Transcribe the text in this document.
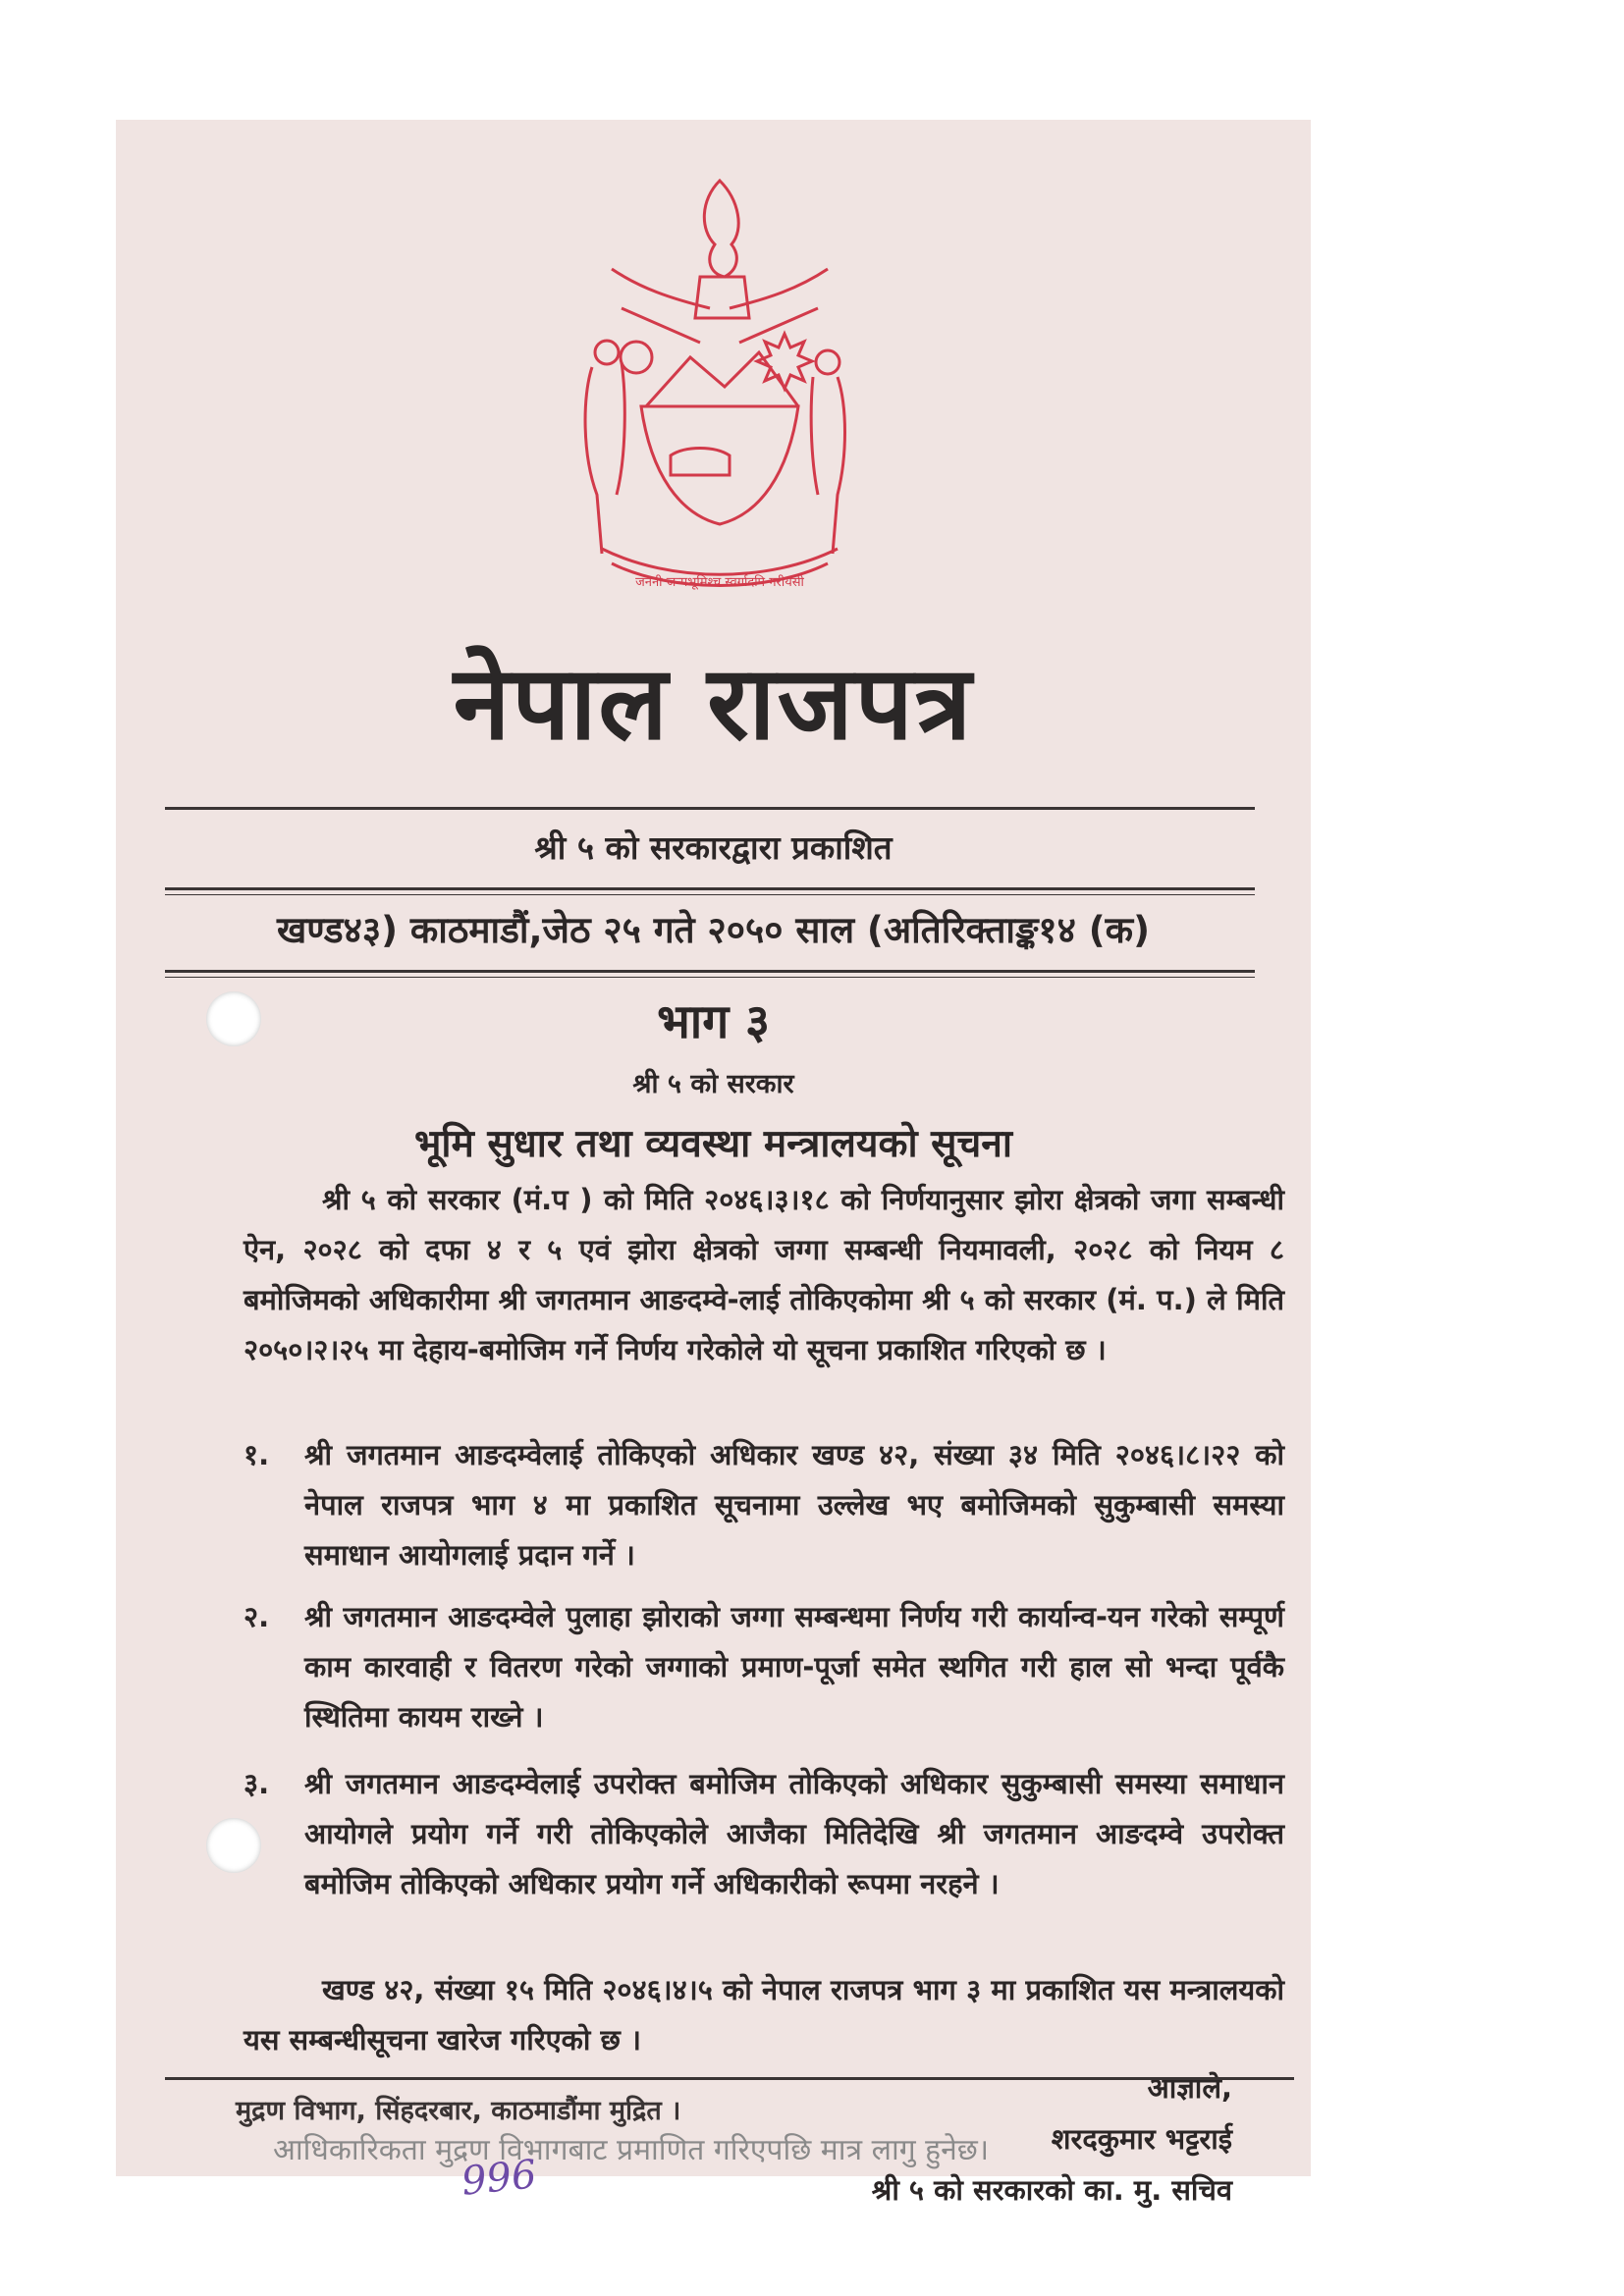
जननी जन्मभूमिश्च स्वर्गादपि गरीयसी
नेपाल राजपत्र
श्री ५ को सरकारद्वारा प्रकाशित
खण्ड४३) काठमाडौं,जेठ २५ गते २०५० साल (अतिरिक्ताङ्क१४ (क)
भाग ३
श्री ५ को सरकार
भूमि सुधार तथा व्यवस्था मन्त्रालयको सूचना
श्री ५ को सरकार (मं.प ) को मिति २०४६।३।१८ को निर्णयानुसार झोरा क्षेत्रको जगा सम्बन्धी ऐन, २०२८ को दफा ४ र ५ एवं झोरा क्षेत्रको जग्गा सम्बन्धी नियमावली, २०२८ को नियम ८ बमोजिमको अधिकारीमा श्री जगतमान आङदम्वे-लाई तोकिएकोमा श्री ५ को सरकार (मं. प.) ले मिति २०५०।२।२५ मा देहाय-बमोजिम गर्ने निर्णय गरेकोले यो सूचना प्रकाशित गरिएको छ ।
१.	श्री जगतमान आङदम्वेलाई तोकिएको अधिकार खण्ड ४२, संख्या ३४ मिति २०४६।८।२२ को नेपाल राजपत्र भाग ४ मा प्रकाशित सूचनामा उल्लेख भए बमोजिमको सुकुम्बासी समस्या समाधान आयोगलाई प्रदान गर्ने ।
२.	श्री जगतमान आङदम्वेले पुलाहा झोराको जग्गा सम्बन्धमा निर्णय गरी कार्यान्व-यन गरेको सम्पूर्ण काम कारवाही र वितरण गरेको जग्गाको प्रमाण-पूर्जा समेत स्थगित गरी हाल सो भन्दा पूर्वकै स्थितिमा कायम राख्ने ।
३.	श्री जगतमान आङदम्वेलाई उपरोक्त बमोजिम तोकिएको अधिकार सुकुम्बासी समस्या समाधान आयोगले प्रयोग गर्ने गरी तोकिएकोले आजैका मितिदेखि श्री जगतमान आङदम्वे उपरोक्त बमोजिम तोकिएको अधिकार प्रयोग गर्ने अधिकारीको रूपमा नरहने ।
खण्ड ४२, संख्या १५ मिति २०४६।४।५ को नेपाल राजपत्र भाग ३ मा प्रकाशित यस मन्त्रालयको यस सम्बन्धीसूचना खारेज गरिएको छ ।
आज्ञाले,
शरदकुमार भट्टराई
श्री ५ को सरकारको का. मु. सचिव
मुद्रण विभाग, सिंहदरबार, काठमाडौंमा मुद्रित ।
आधिकारिकता मुद्रण विभागबाट प्रमाणित गरिएपछि मात्र लागु हुनेछ।
996
